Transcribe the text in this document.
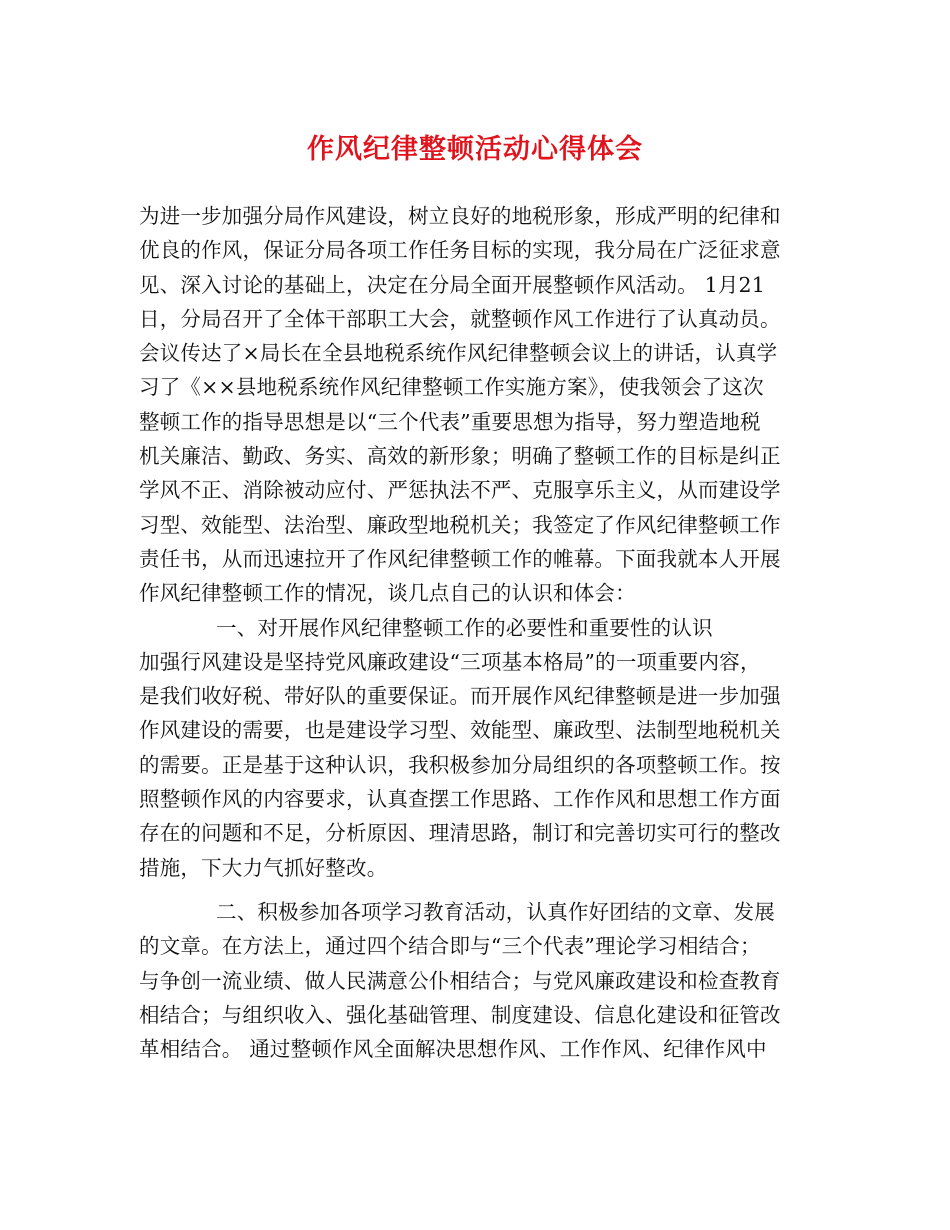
作风纪律整顿活动心得体会
为进一步加强分局作风建设，树立良好的地税形象，形成严明的纪律和
优良的作风，保证分局各项工作任务目标的实现，我分局在广泛征求意
见、深入讨论的基础上，决定在分局全面开展整顿作风活动。 1月21
日，分局召开了全体干部职工大会，就整顿作风工作进行了认真动员。
会议传达了×局长在全县地税系统作风纪律整顿会议上的讲话，认真学
习了《××县地税系统作风纪律整顿工作实施方案》，使我领会了这次
整顿工作的指导思想是以“三个代表”重要思想为指导，努力塑造地税
机关廉洁、勤政、务实、高效的新形象；明确了整顿工作的目标是纠正
学风不正、消除被动应付、严惩执法不严、克服享乐主义，从而建设学
习型、效能型、法治型、廉政型地税机关；我签定了作风纪律整顿工作
责任书，从而迅速拉开了作风纪律整顿工作的帷幕。下面我就本人开展
作风纪律整顿工作的情况，谈几点自己的认识和体会：
一、对开展作风纪律整顿工作的必要性和重要性的认识
加强行风建设是坚持党风廉政建设“三项基本格局”的一项重要内容，
是我们收好税、带好队的重要保证。而开展作风纪律整顿是进一步加强
作风建设的需要，也是建设学习型、效能型、廉政型、法制型地税机关
的需要。正是基于这种认识，我积极参加分局组织的各项整顿工作。按
照整顿作风的内容要求，认真查摆工作思路、工作作风和思想工作方面
存在的问题和不足，分析原因、理清思路，制订和完善切实可行的整改
措施，下大力气抓好整改。
二、积极参加各项学习教育活动，认真作好团结的文章、发展
的文章。在方法上，通过四个结合即与“三个代表”理论学习相结合；
与争创一流业绩、做人民满意公仆相结合；与党风廉政建设和检查教育
相结合；与组织收入、强化基础管理、制度建设、信息化建设和征管改
革相结合。 通过整顿作风全面解决思想作风、工作作风、纪律作风中
